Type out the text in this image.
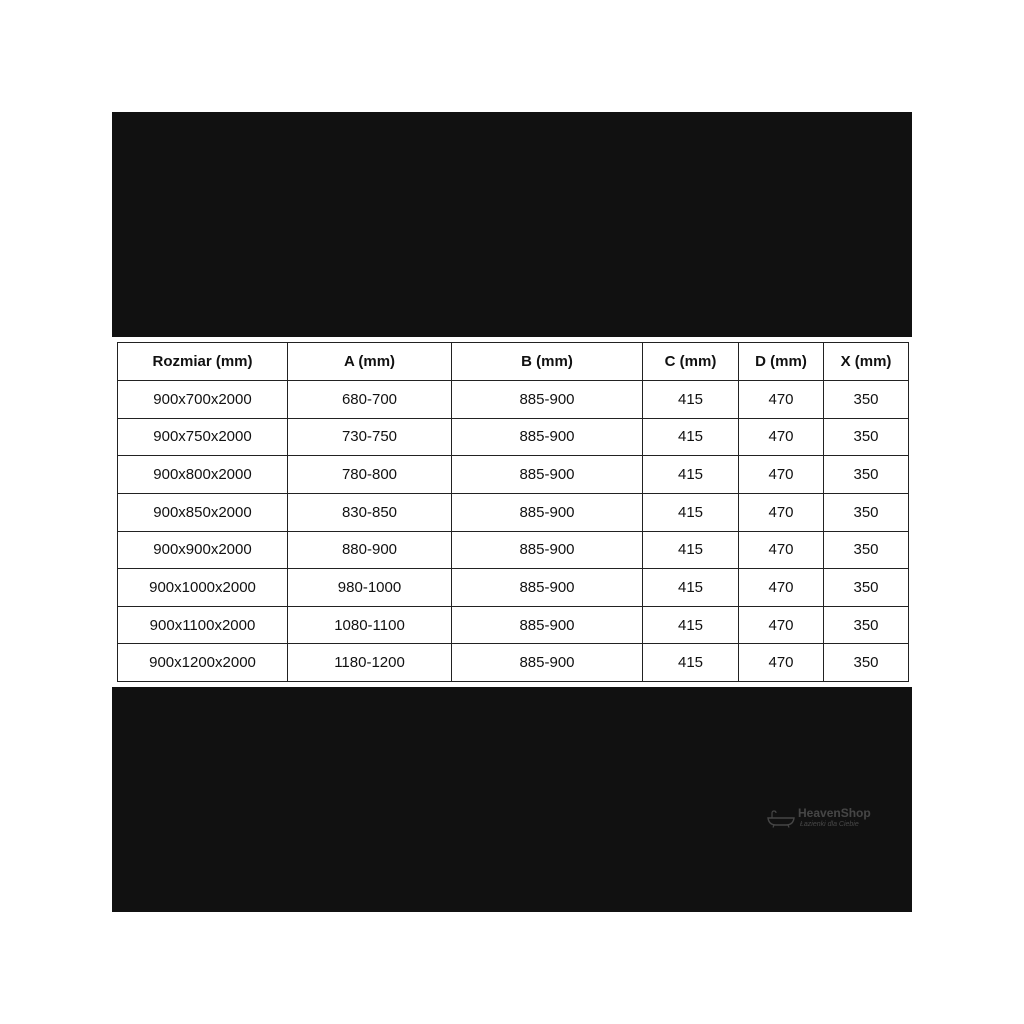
Rozmiar (mm)	A (mm)	B (mm)	C (mm)	D (mm)	X (mm)
900x700x2000	680-700	885-900	415	470	350
900x750x2000	730-750	885-900	415	470	350
900x800x2000	780-800	885-900	415	470	350
900x850x2000	830-850	885-900	415	470	350
900x900x2000	880-900	885-900	415	470	350
900x1000x2000	980-1000	885-900	415	470	350
900x1100x2000	1080-1100	885-900	415	470	350
900x1200x2000	1180-1200	885-900	415	470	350
HeavenShop
Łazienki dla Ciebie
